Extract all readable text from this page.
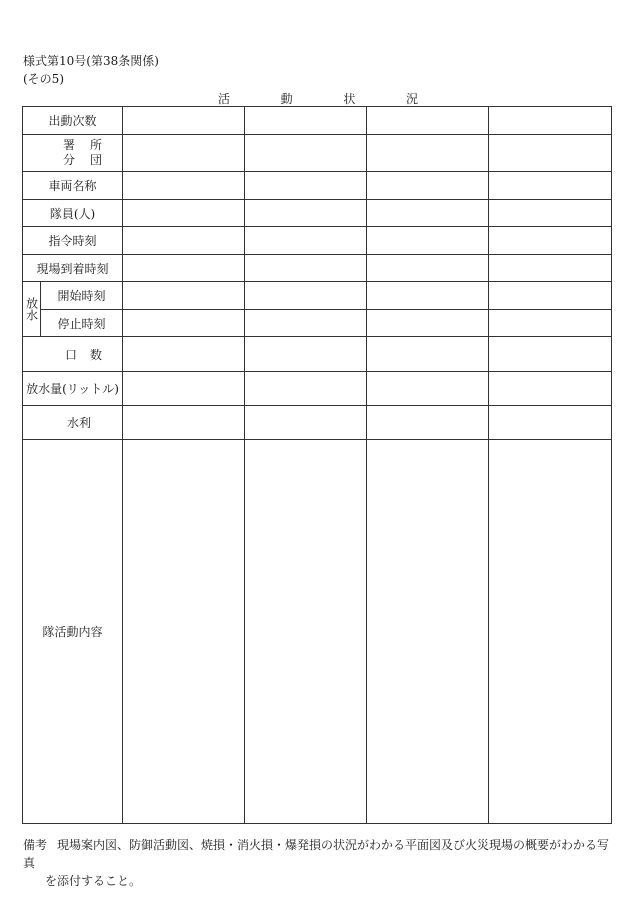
様式第10号(第38条関係)
(その5)
活	動	状	況
出動次数					

署 所
分 団					

車両名称					
隊員(人)					
指令時刻					
現場到着時刻					

放水	開始時刻				
	停止時刻				

口 数					

放水量(リットル)					

水 利					

隊活動内容					
備考 現場案内図、防御活動図、焼損・消火損・爆発損の状況がわかる平面図及び火災現場の概要がわかる写真
を添付すること。
